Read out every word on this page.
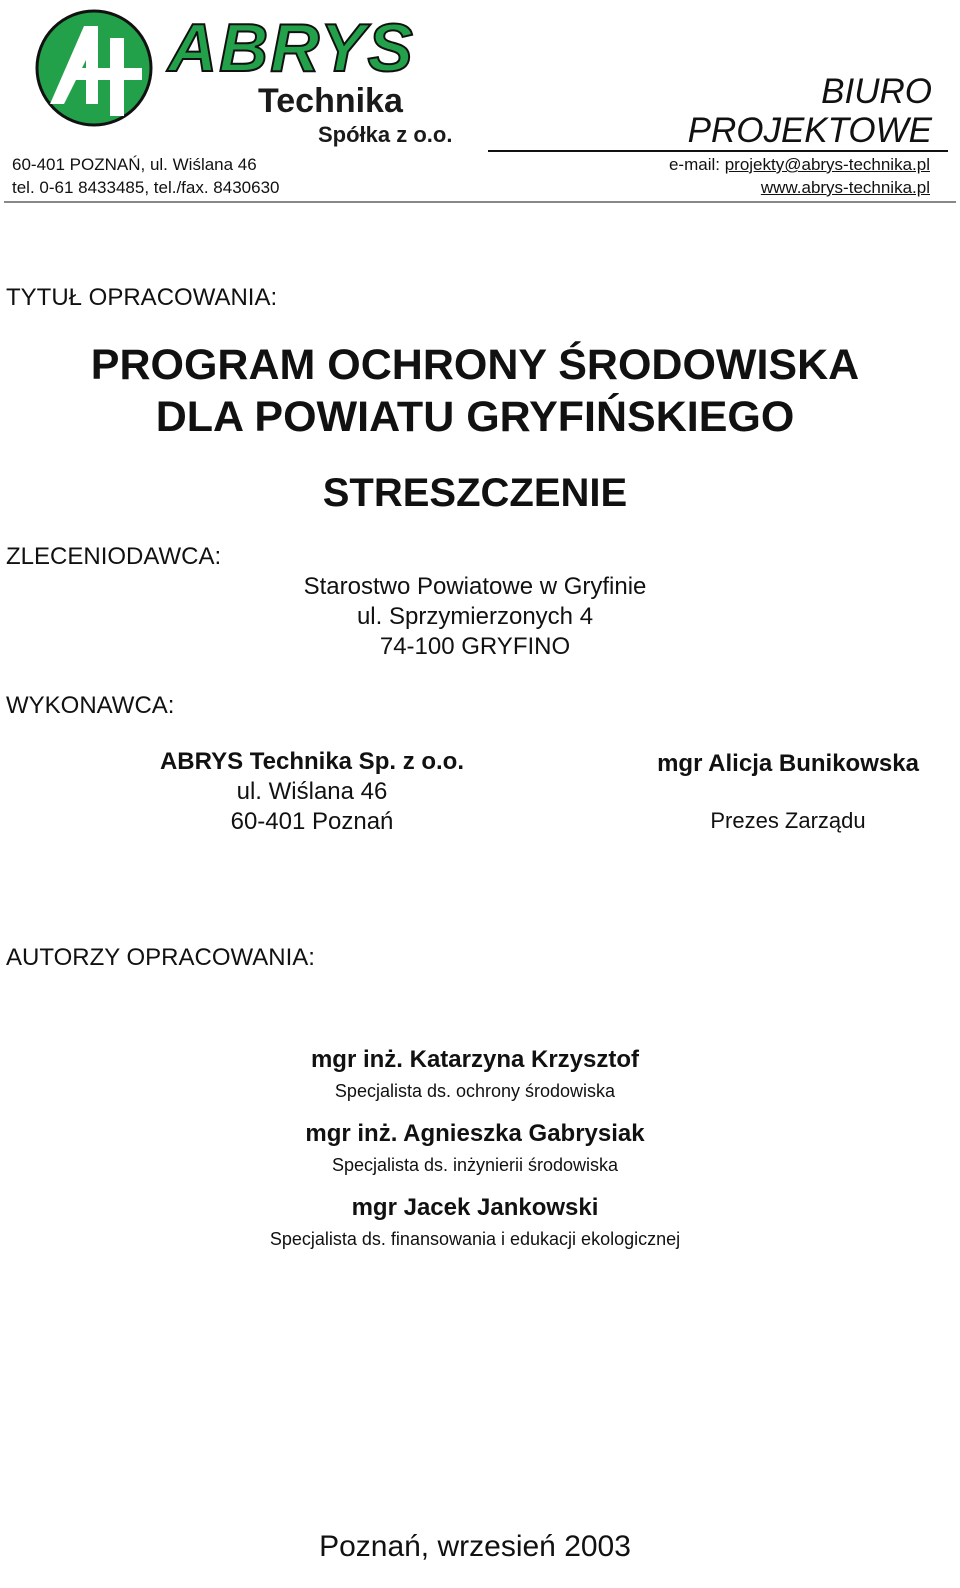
ABRYS
Technika
Spółka z o.o.
BIURO
PROJEKTOWE
60-401 POZNAŃ, ul. Wiślana 46
tel. 0-61 8433485, tel./fax. 8430630
e-mail: projekty@abrys-technika.pl
www.abrys-technika.pl
TYTUŁ OPRACOWANIA:
PROGRAM OCHRONY ŚRODOWISKA
DLA POWIATU GRYFIŃSKIEGO
STRESZCZENIE
ZLECENIODAWCA:
Starostwo Powiatowe w Gryfinie
ul. Sprzymierzonych 4
74-100 GRYFINO
WYKONAWCA:
ABRYS Technika Sp. z o.o.
ul. Wiślana 46
60-401 Poznań
mgr Alicja Bunikowska
Prezes Zarządu
AUTORZY OPRACOWANIA:
mgr inż. Katarzyna Krzysztof
Specjalista ds. ochrony środowiska
mgr inż. Agnieszka Gabrysiak
Specjalista ds. inżynierii środowiska
mgr Jacek Jankowski
Specjalista ds. finansowania i edukacji ekologicznej
Poznań, wrzesień 2003
